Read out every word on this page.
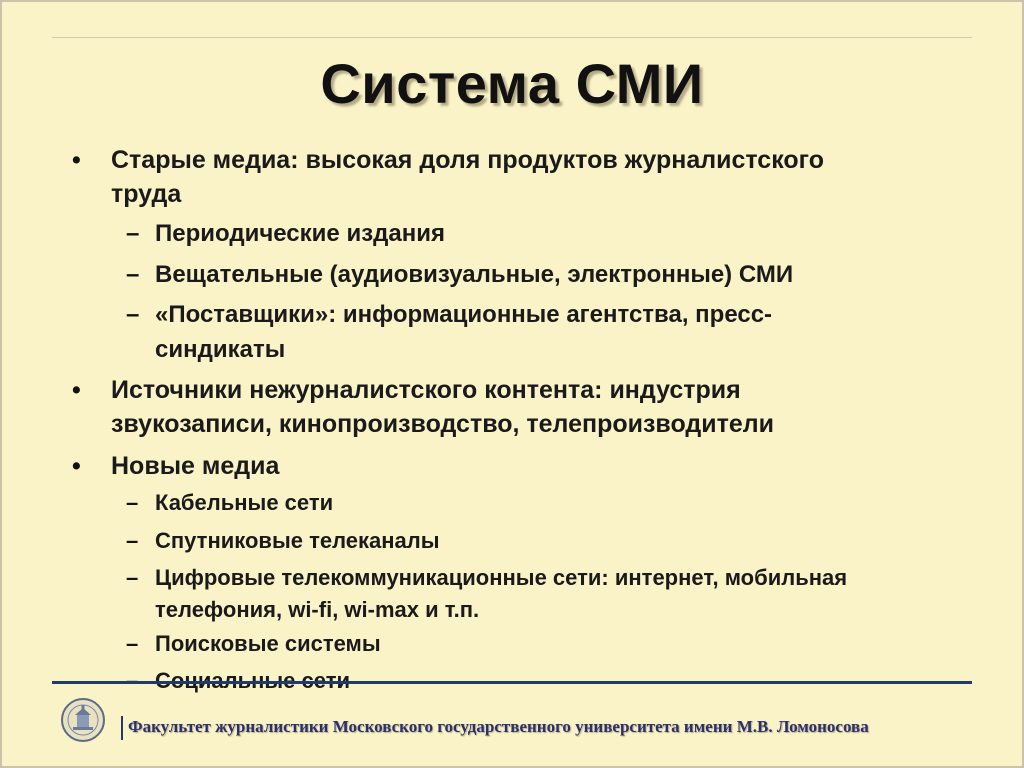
Система СМИ
• Старые медиа: высокая доля продуктов журналистского
труда
– Периодические издания
– Вещательные (аудиовизуальные, электронные) СМИ
– «Поставщики»: информационные агентства, пресс-
синдикаты
• Источники нежурналистского контента: индустрия
звукозаписи, кинопроизводство, телепроизводители
• Новые медиа
– Кабельные сети
– Спутниковые телеканалы
– Цифровые телекоммуникационные сети: интернет, мобильная
телефония, wi-fi, wi-max и т.п.
– Поисковые системы
Факультет журналистики Московского государственного университета имени М.В. Ломоносова
